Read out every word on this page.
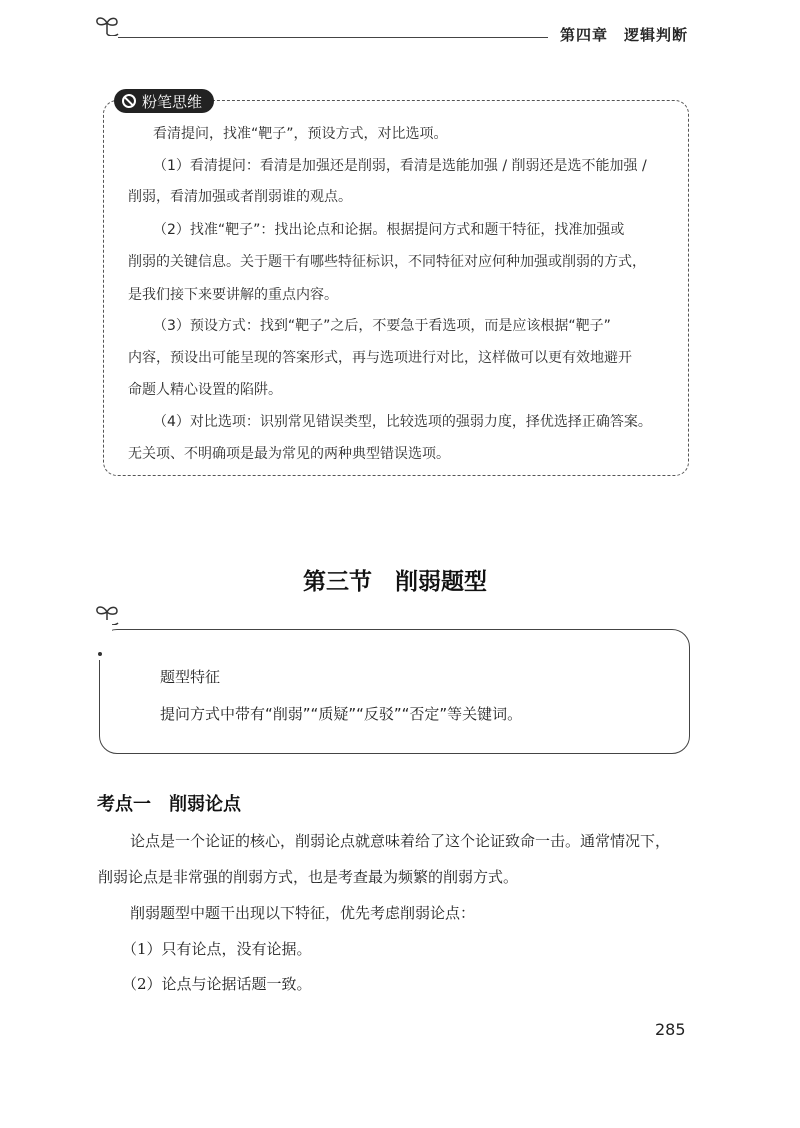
第四章　逻辑判断
粉笔思维
看清提问，找准“靶子”，预设方式，对比选项。
（1）看清提问：看清是加强还是削弱，看清是选能加强 / 削弱还是选不能加强 /
削弱，看清加强或者削弱谁的观点。
（2）找准“靶子”：找出论点和论据。根据提问方式和题干特征，找准加强或
削弱的关键信息。关于题干有哪些特征标识，不同特征对应何种加强或削弱的方式，
是我们接下来要讲解的重点内容。
（3）预设方式：找到“靶子”之后，不要急于看选项，而是应该根据“靶子”
内容，预设出可能呈现的答案形式，再与选项进行对比，这样做可以更有效地避开
命题人精心设置的陷阱。
（4）对比选项：识别常见错误类型，比较选项的强弱力度，择优选择正确答案。
无关项、不明确项是最为常见的两种典型错误选项。
第三节　削弱题型
题型特征
提问方式中带有“削弱”“质疑”“反驳”“否定”等关键词。
考点一　削弱论点
论点是一个论证的核心，削弱论点就意味着给了这个论证致命一击。通常情况下，
削弱论点是非常强的削弱方式，也是考查最为频繁的削弱方式。
削弱题型中题干出现以下特征，优先考虑削弱论点：
（1）只有论点，没有论据。
（2）论点与论据话题一致。
285
